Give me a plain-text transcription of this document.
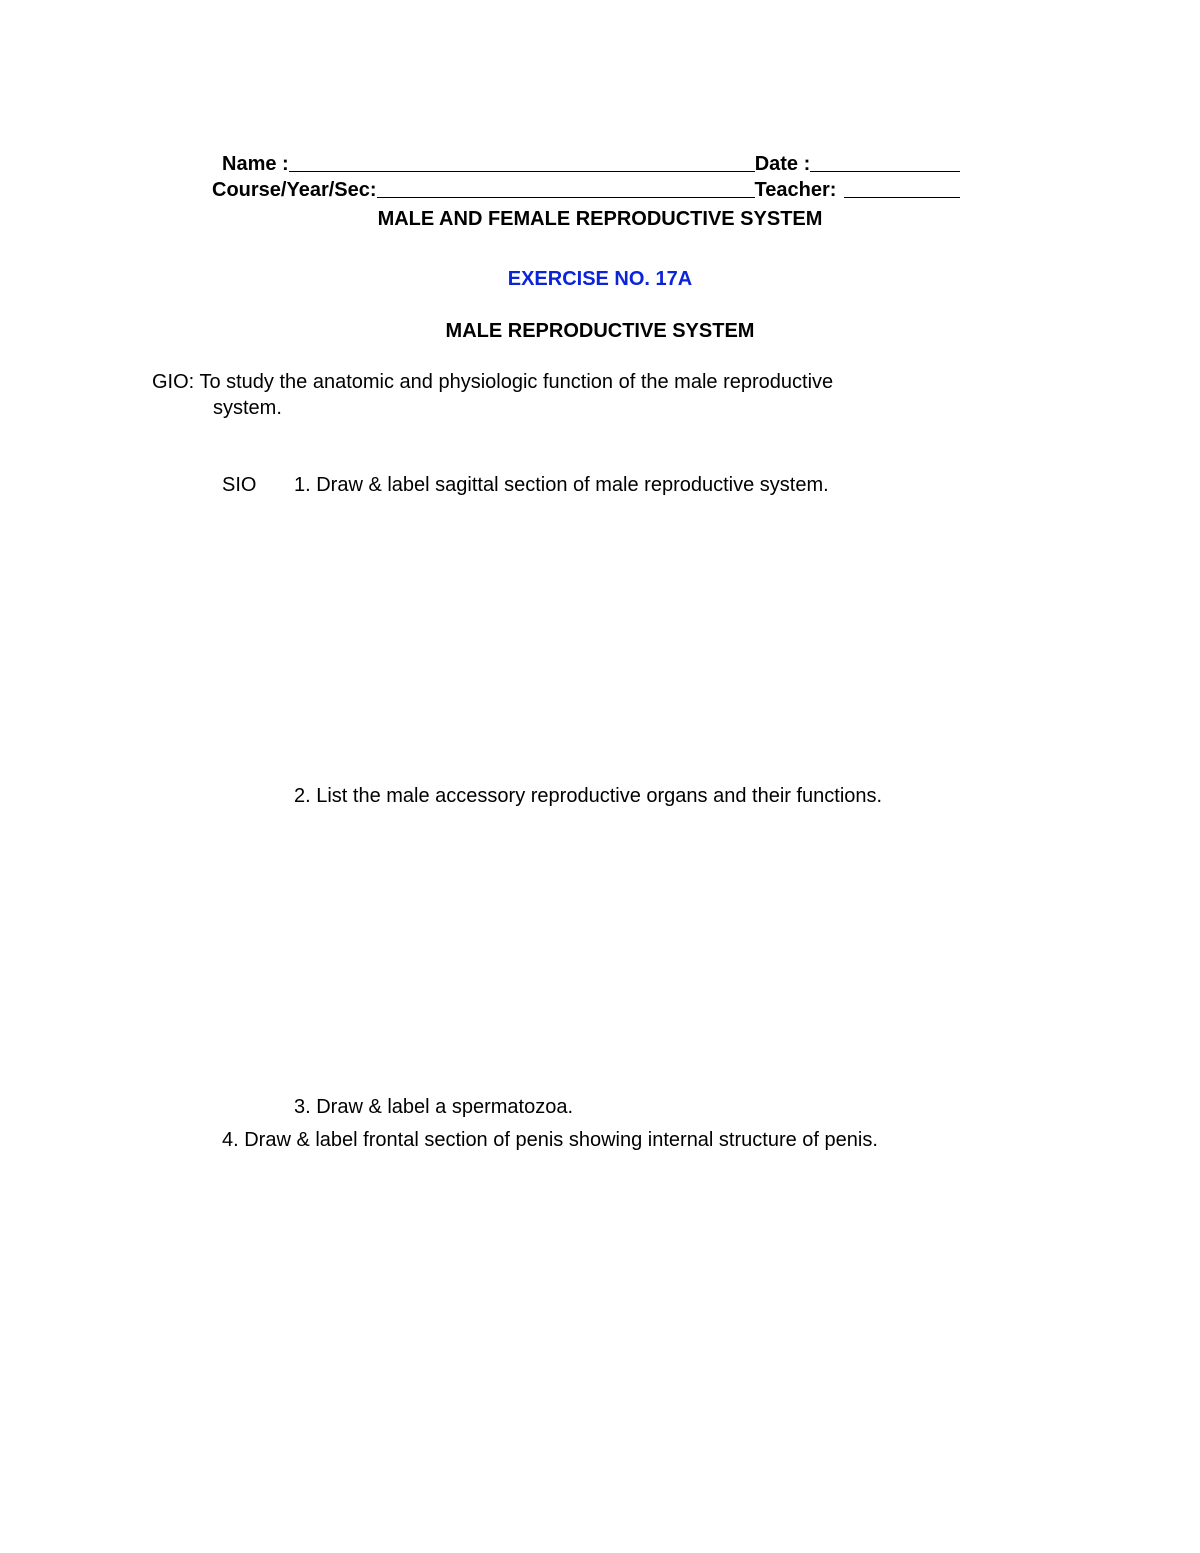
Name :	Date :
Course/Year/Sec:	Teacher:
MALE AND FEMALE REPRODUCTIVE SYSTEM
EXERCISE NO. 17A
MALE REPRODUCTIVE SYSTEM
GIO: To study the anatomic and physiologic function of the male reproductive
system.
SIO 1. Draw & label sagittal section of male reproductive system.
2. List the male accessory reproductive organs and their functions.
3. Draw & label a spermatozoa.
4. Draw & label frontal section of penis showing internal structure of penis.
